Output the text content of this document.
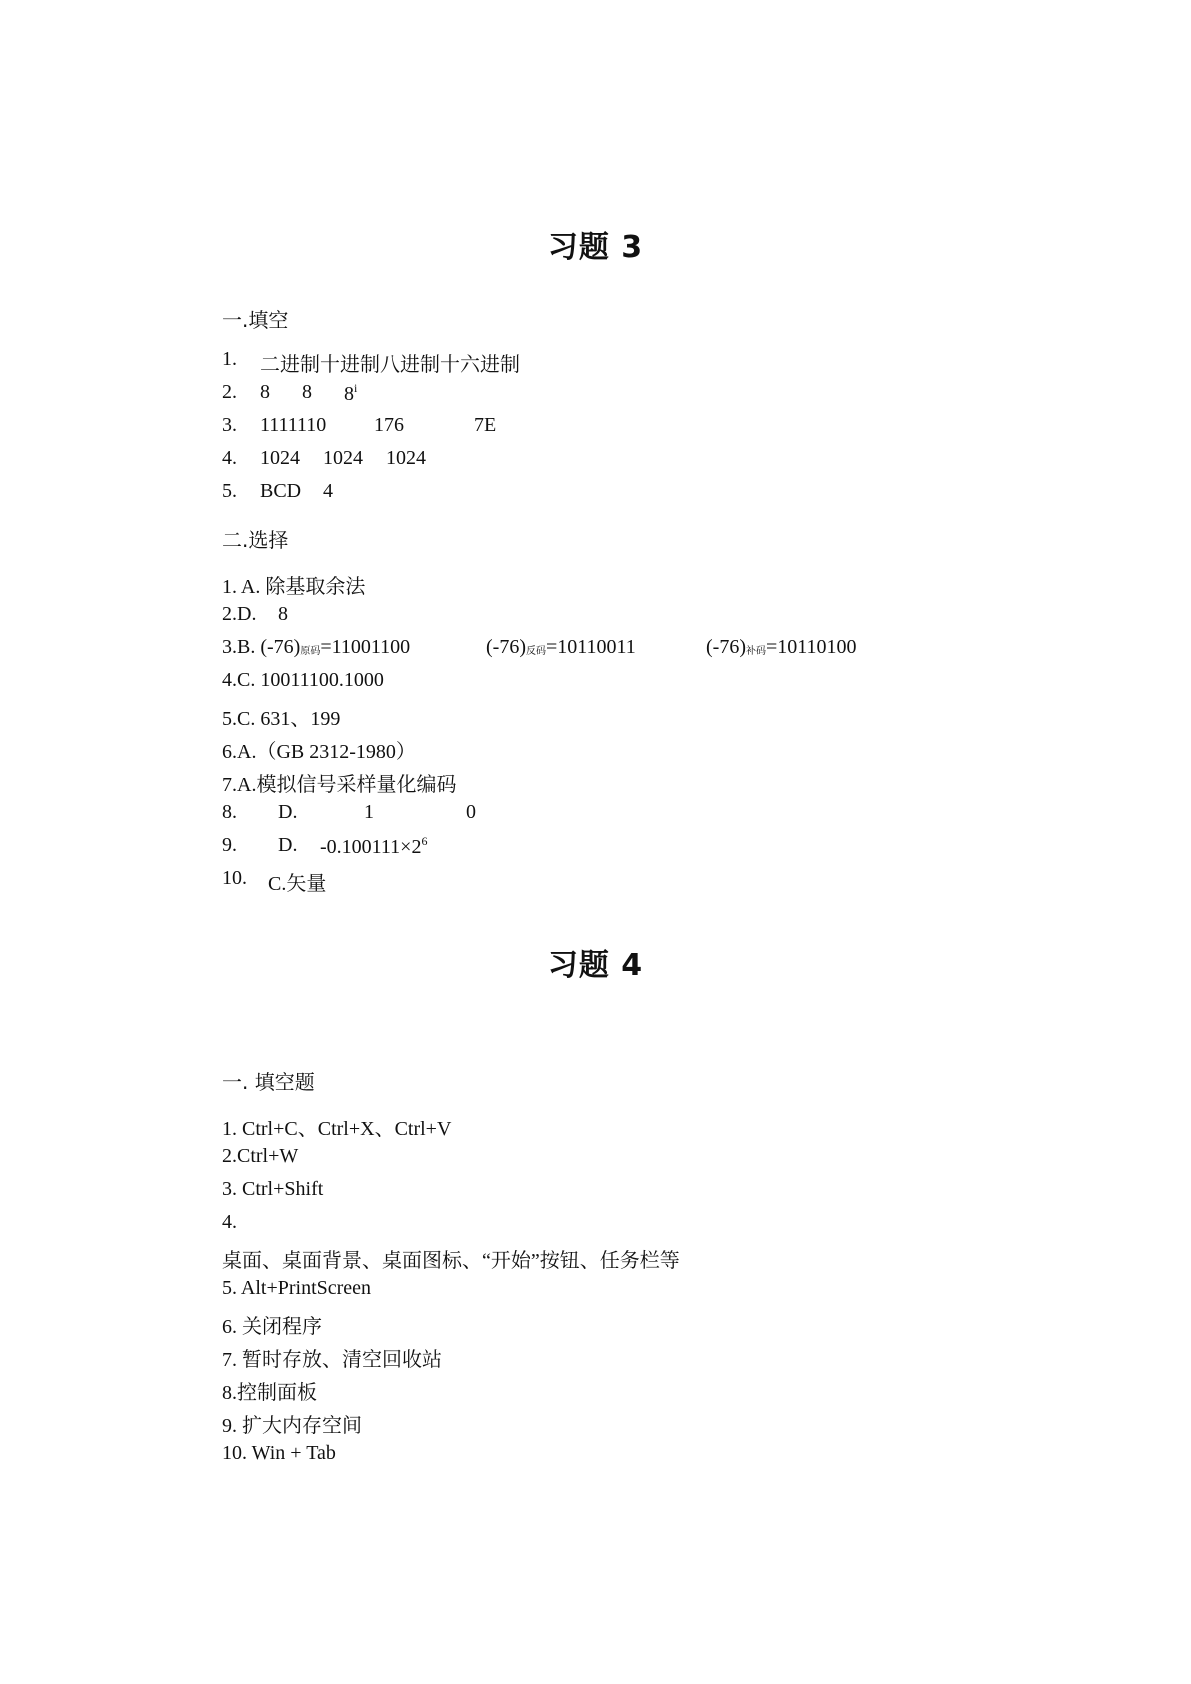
习题 3
一.填空
1. 二进制十进制八进制十六进制
2. 8 8 8$^i$
3. 1111110 176	7E
4. 1024 1024 1024
5. BCD 4
二.选择
1. A. 除基取余法
2.D. 8
3.B. $(-76)_{原码}=11001100$	$(-76)_{反码}=10110011$	$(-76)_{补码}=10110100$
4.C. 10011100.1000
5.C. 631、199
6.A.（GB 2312-1980）
7.A.模拟信号采样量化编码
8. D.	1	0
9. D. $-0.100111\times 2^6$
10. C.矢量
习题 4
一. 填空题
1. Ctrl+C、Ctrl+X、Ctrl+V
2.Ctrl+W
3. Ctrl+Shift
4.
桌面、桌面背景、桌面图标、“开始”按钮、任务栏等
5. Alt+PrintScreen
6. 关闭程序
7. 暂时存放、清空回收站
8.控制面板
9. 扩大内存空间
10. Win + Tab
